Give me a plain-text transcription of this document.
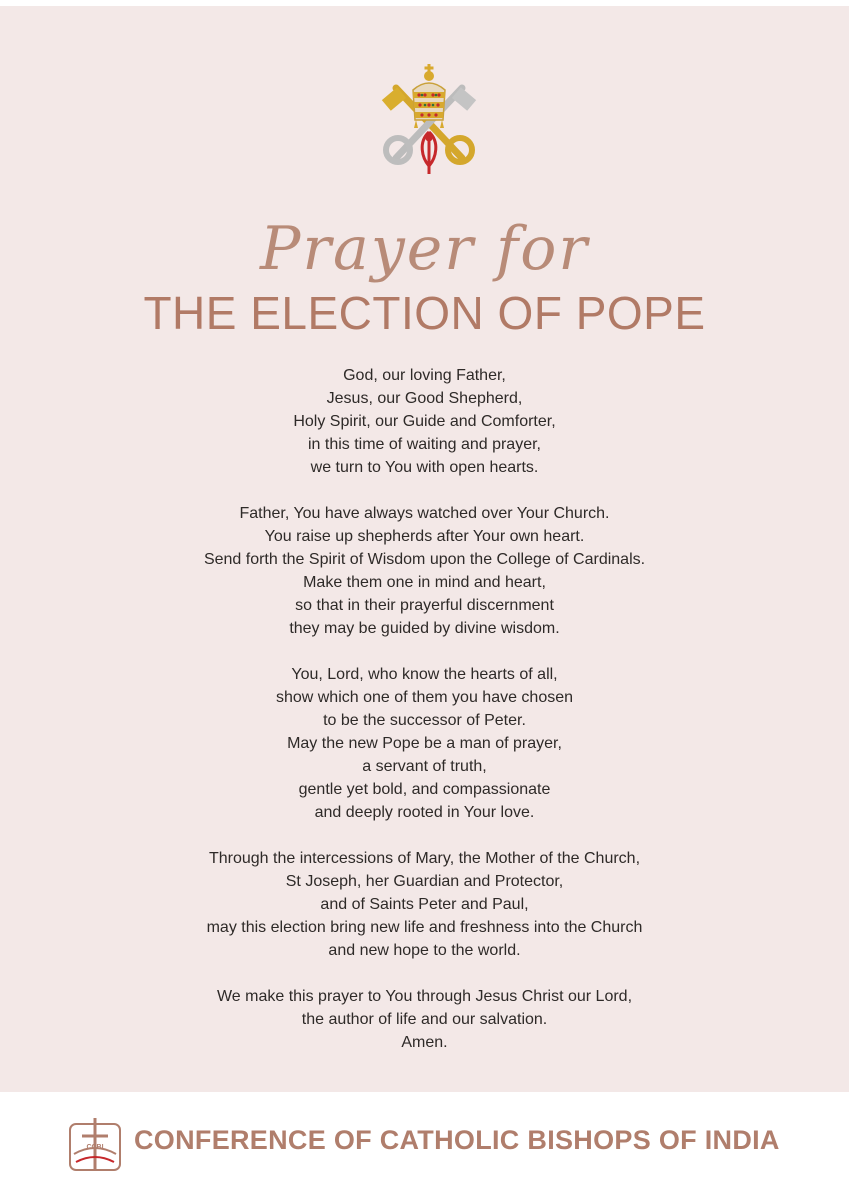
Prayer for
THE ELECTION OF POPE
God, our loving Father,
Jesus, our Good Shepherd,
Holy Spirit, our Guide and Comforter,
in this time of waiting and prayer,
we turn to You with open hearts.
Father, You have always watched over Your Church.
You raise up shepherds after Your own heart.
Send forth the Spirit of Wisdom upon the College of Cardinals.
Make them one in mind and heart,
so that in their prayerful discernment
they may be guided by divine wisdom.
You, Lord, who know the hearts of all,
show which one of them you have chosen
to be the successor of Peter.
May the new Pope be a man of prayer,
a servant of truth,
gentle yet bold, and compassionate
and deeply rooted in Your love.
Through the intercessions of Mary, the Mother of the Church,
St Joseph, her Guardian and Protector,
and of Saints Peter and Paul,
may this election bring new life and freshness into the Church
and new hope to the world.
We make this prayer to You through Jesus Christ our Lord,
the author of life and our salvation.
Amen.
CCBI CONFERENCE OF CATHOLIC BISHOPS OF INDIA
